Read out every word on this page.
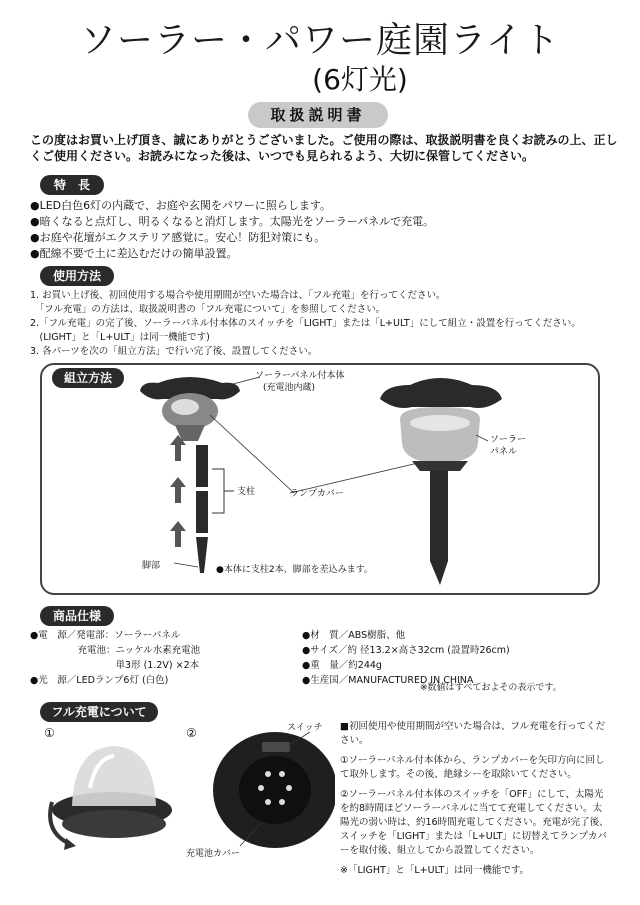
ソーラー・パワー庭園ライト
(6灯光)
取扱説明書
この度はお買い上げ頂き、誠にありがとうございました。ご使用の際は、取扱説明書を良くお読みの上、正しくご使用ください。お読みになった後は、いつでも見られるよう、大切に保管してください。
特　長
●LED白色6灯の内蔵で、お庭や玄関をパワーに照らします。
●暗くなると点灯し、明るくなると消灯します。太陽光をソーラーパネルで充電。
●お庭や花壇がエクステリア感覚に。安心！防犯対策にも。
●配線不要で土に差込むだけの簡単設置。
使用方法
1. お買い上げ後、初回使用する場合や使用期間が空いた場合は、「フル充電」を行ってください。
　「フル充電」の方法は、取扱説明書の「フル充電について」を参照してください。
2.「フル充電」の完了後、ソーラーパネル付本体のスイッチを「LIGHT」または「L+ULT」にして組立・設置を行ってください。
　(LIGHT」と「L+ULT」は同一機能です)
3. 各パーツを次の「組立方法」で行い完了後、設置してください。
組立方法	ソーラーパネル付本体
(充電池内蔵)
支柱	ランプカバー
ソーラー
パネル
脚部	●本体に支柱2本、脚部を差込みます。
商品仕様
●電　源／発電部：ソーラーパネル
　　　　　充電池：ニッケル水素充電池
　　　　　　　　　単3形 (1.2V) ×2本
●光　源／LEDランプ6灯 (白色)
●材　質／ABS樹脂、他
●サイズ／約 径13.2×高さ32cm (設置時26cm)
●重　量／約244g
●生産国／MANUFACTURED IN CHINA
※数値はすべておよその表示です。
フル充電について
①	②	スイッチ
充電池カバー

■初回使用や使用期間が空いた場合は、フル充電を行ってください。

①ソーラーパネル付本体から、ランプカバーを矢印方向に回して取外します。その後、絶縁シーを取除いてください。

②ソーラーパネル付本体のスイッチを「OFF」にして、太陽光を約8時間ほどソーラーパネルに当てて充電してください。太陽光の弱い時は、約16時間充電してください。充電が完了後、スイッチを「LIGHT」または「L+ULT」に切替えてランプカバーを取付後、組立してから設置してください。

※「LIGHT」と「L+ULT」は同一機能です。
